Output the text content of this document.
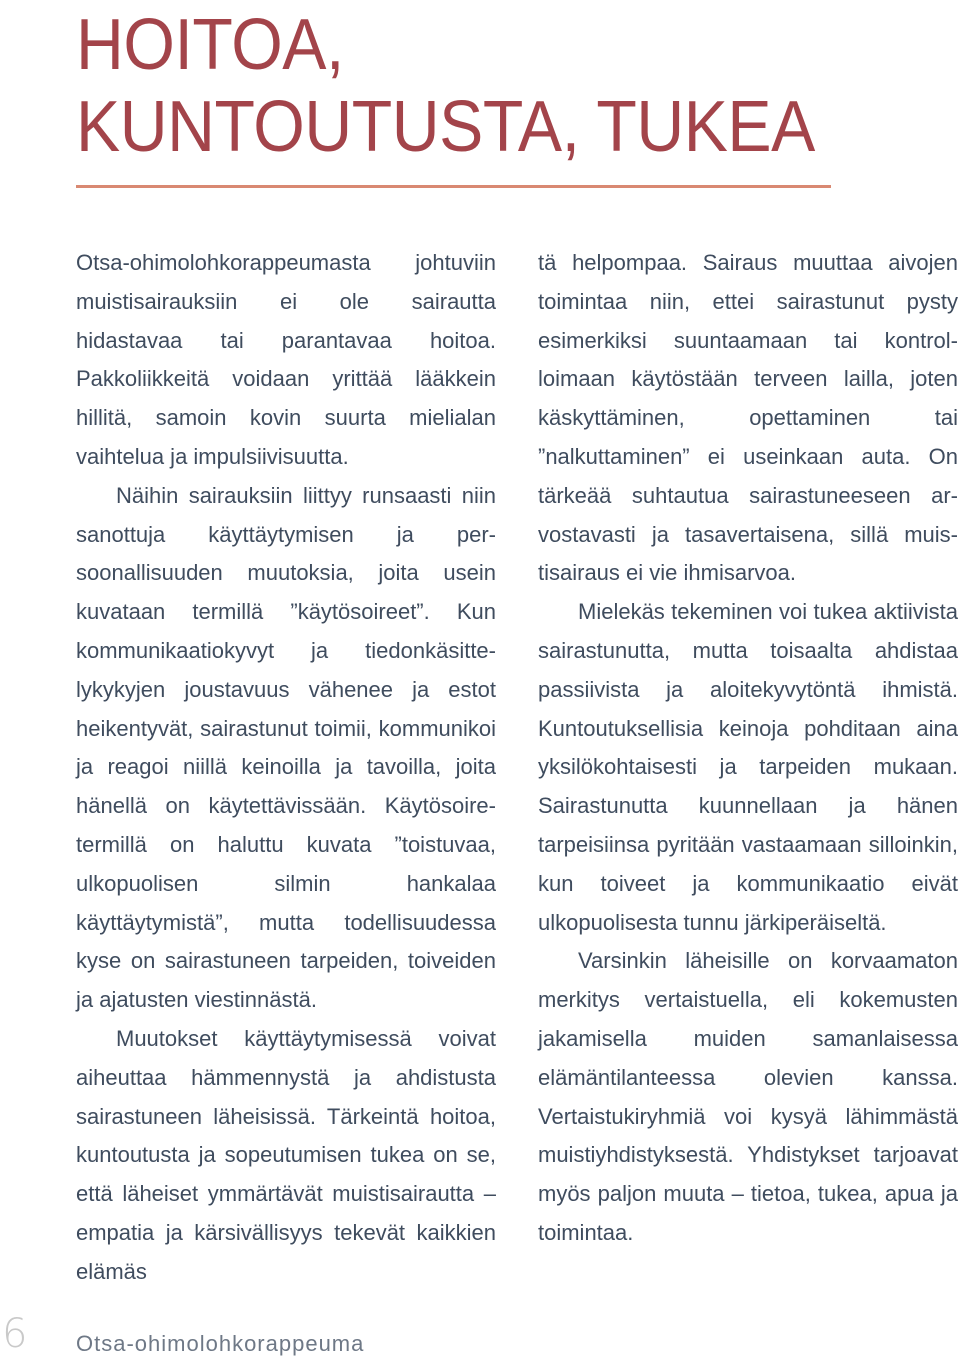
HOITOA,
KUNTOUTUSTA, TUKEA

Otsa-ohimolohkorappeumasta johtuviin muistisairauksiin ei ole sairautta hidastavaa tai parantavaa hoitoa. Pakkoliikkeitä voidaan yrittää lääkkein hillitä, samoin kovin suurta mielialan vaihtelua ja impulsiivisuutta.

Näihin sairauksiin liittyy runsaasti niin sanottuja käyttäytymisen ja persoonallisuuden muutoksia, joita usein kuvataan termillä ”käytösoireet”. Kun kommunikaatiokyvyt ja tiedonkäsittelykykyjen joustavuus vähenee ja estot heikentyvät, sairastunut toimii, kommunikoi ja reagoi niillä keinoilla ja tavoilla, joita hänellä on käytettävissään. Käytösoire-termillä on haluttu kuvata ”toistuvaa, ulkopuolisen silmin hankalaa käyttäytymistä”, mutta todellisuudessa kyse on sairastuneen tarpeiden, toiveiden ja ajatusten viestinnästä.

Muutokset käyttäytymisessä voivat aiheuttaa hämmennystä ja ahdistusta sairastuneen läheisissä. Tärkeintä hoitoa, kuntoutusta ja sopeutumisen tukea on se, että läheiset ymmärtävät muistisairautta – empatia ja kärsivällisyys tekevät kaikkien elämäs

tä helpompaa. Sairaus muuttaa aivojen toimintaa niin, ettei sairastunut pysty esimerkiksi suuntaamaan tai kontrolloimaan käytöstään terveen lailla, joten käskyttäminen, opettaminen tai ”nalkuttaminen” ei useinkaan auta. On tärkeää suhtautua sairastuneeseen arvostavasti ja tasavertaisena, sillä muistisairaus ei vie ihmisarvoa.

Mielekäs tekeminen voi tukea aktiivista sairastunutta, mutta toisaalta ahdistaa passiivista ja aloitekyvytöntä ihmistä. Kuntoutuksellisia keinoja pohditaan aina yksilökohtaisesti ja tarpeiden mukaan. Sairastunutta kuunnellaan ja hänen tarpeisiinsa pyritään vastaamaan silloinkin, kun toiveet ja kommunikaatio eivät ulkopuolisesta tunnu järkiperäiseltä.

Varsinkin läheisille on korvaamaton merkitys vertaistuella, eli kokemusten jakamisella muiden samanlaisessa elämäntilanteessa olevien kanssa. Vertaistukiryhmiä voi kysyä lähimmästä muistiyhdistyksestä. Yhdistykset tarjoavat myös paljon muuta – tietoa, tukea, apua ja toimintaa.

6 Otsa-ohimolohkorappeuma
